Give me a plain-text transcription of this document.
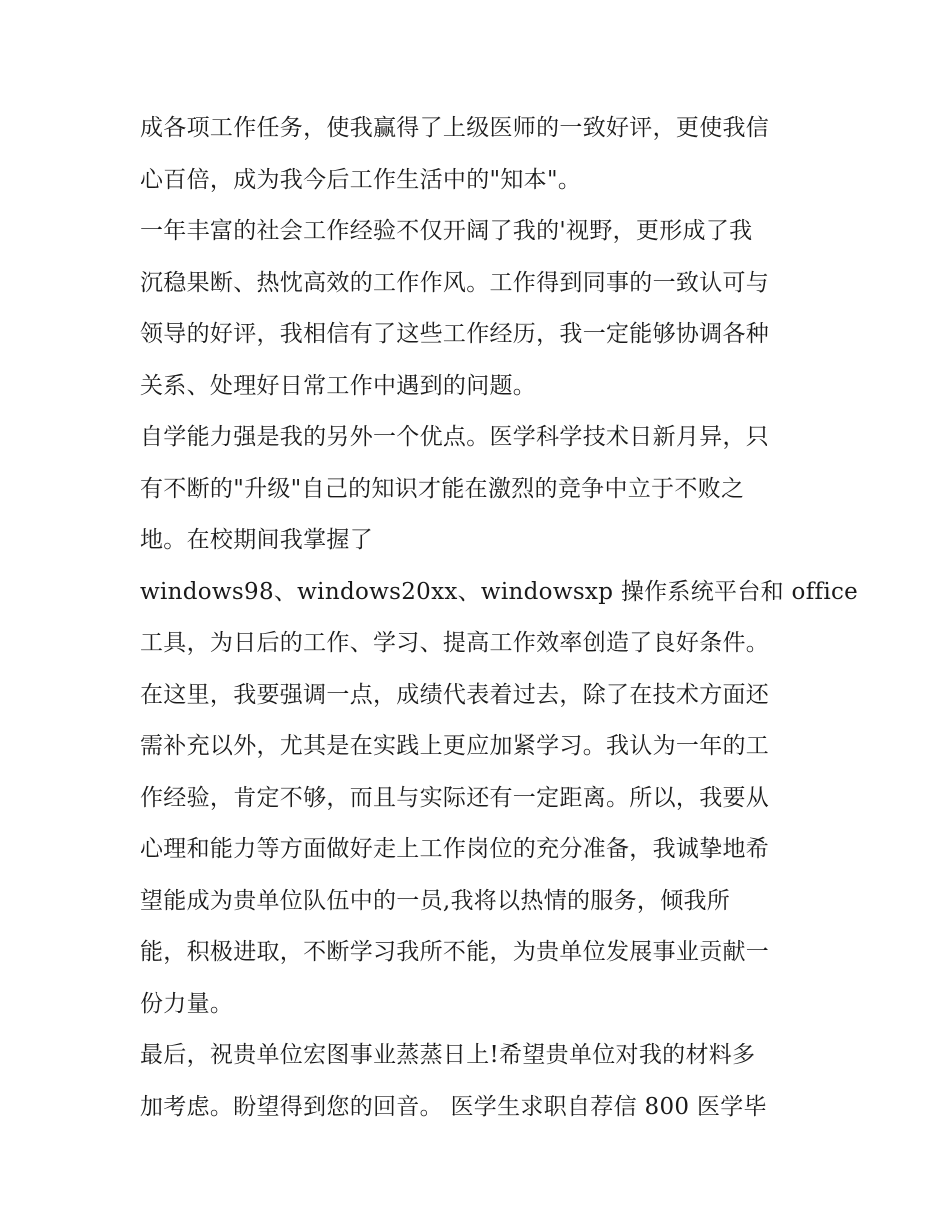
成各项工作任务，使我赢得了上级医师的一致好评，更使我信
心百倍，成为我今后工作生活中的"知本"。
一年丰富的社会工作经验不仅开阔了我的'视野，更形成了我
沉稳果断、热忱高效的工作作风。工作得到同事的一致认可与
领导的好评，我相信有了这些工作经历，我一定能够协调各种
关系、处理好日常工作中遇到的问题。
自学能力强是我的另外一个优点。医学科学技术日新月异，只
有不断的"升级"自己的知识才能在激烈的竞争中立于不败之
地。在校期间我掌握了
windows98、windows20xx、windowsxp 操作系统平台和 office
工具，为日后的工作、学习、提高工作效率创造了良好条件。
在这里，我要强调一点，成绩代表着过去，除了在技术方面还
需补充以外，尤其是在实践上更应加紧学习。我认为一年的工
作经验，肯定不够，而且与实际还有一定距离。所以，我要从
心理和能力等方面做好走上工作岗位的充分准备，我诚挚地希
望能成为贵单位队伍中的一员,我将以热情的服务，倾我所
能，积极进取，不断学习我所不能，为贵单位发展事业贡献一
份力量。
最后，祝贵单位宏图事业蒸蒸日上!希望贵单位对我的材料多
加考虑。盼望得到您的回音。 医学生求职自荐信 800 医学毕
